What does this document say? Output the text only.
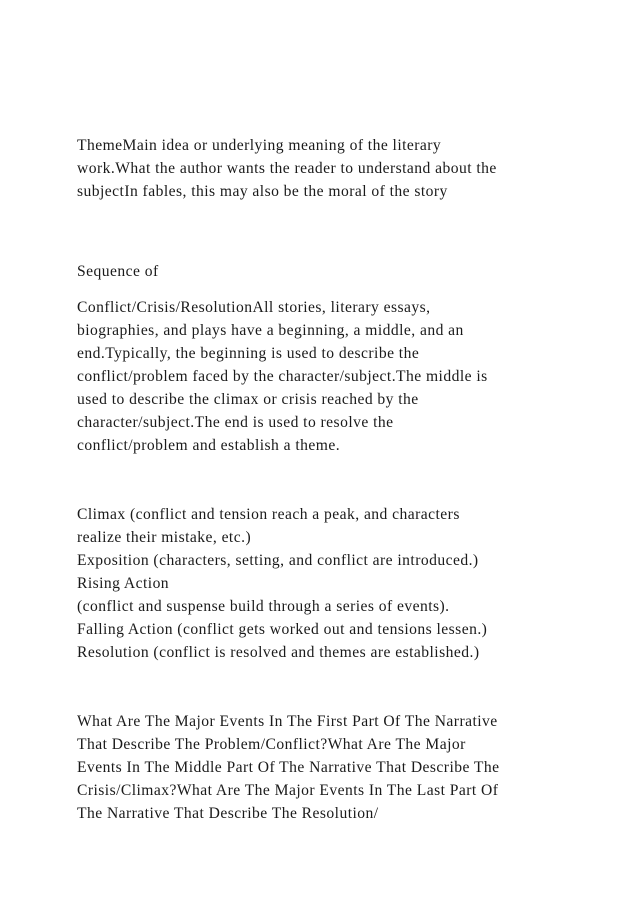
ThemeMain idea or underlying meaning of the literary

work.What the author wants the reader to understand about the

subjectIn fables, this may also be the moral of the story

Sequence of

Conflict/Crisis/ResolutionAll stories, literary essays,

biographies, and plays have a beginning, a middle, and an

end.Typically, the beginning is used to describe the

conflict/problem faced by the character/subject.The middle is

used to describe the climax or crisis reached by the

character/subject.The end is used to resolve the

conflict/problem and establish a theme.

Climax (conflict and tension reach a peak, and characters

realize their mistake, etc.)

Exposition (characters, setting, and conflict are introduced.)

Rising Action

(conflict and suspense build through a series of events).

Falling Action (conflict gets worked out and tensions lessen.)

Resolution (conflict is resolved and themes are established.)

What Are The Major Events In The First Part Of The Narrative

That Describe The Problem/Conflict?What Are The Major

Events In The Middle Part Of The Narrative That Describe The

Crisis/Climax?What Are The Major Events In The Last Part Of

The Narrative That Describe The Resolution/
